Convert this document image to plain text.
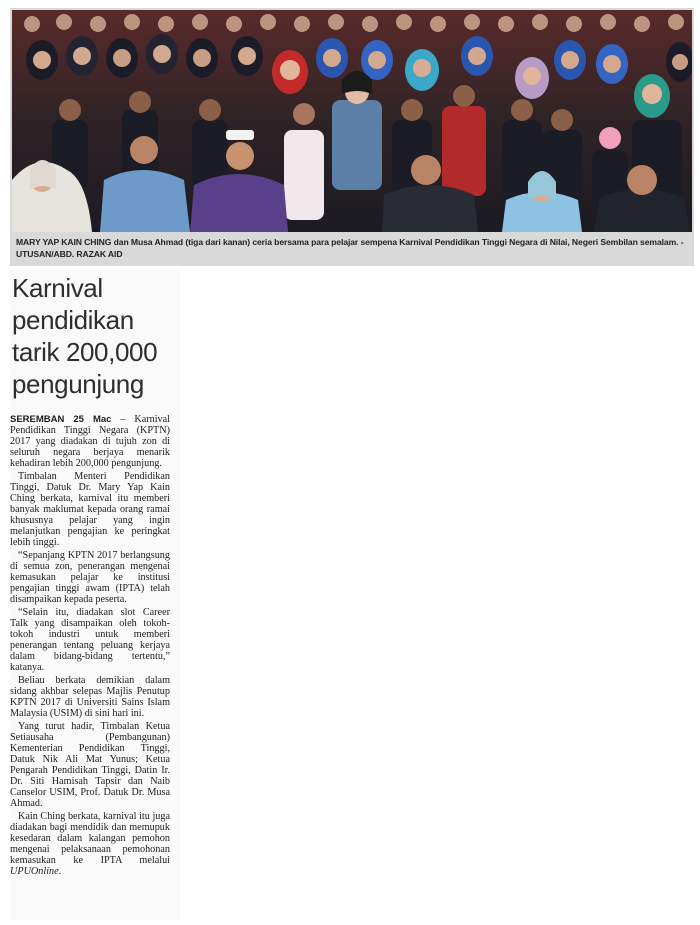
MARY YAP KAIN CHING dan Musa Ahmad (tiga dari kanan) ceria bersama para pelajar sempena Karnival Pendidikan Tinggi Negara di Nilai, Negeri Sembilan semalam. - UTUSAN/ABD. RAZAK AID
Karnival pendidikan tarik 200,000 pengunjung

SEREMBAN 25 Mac – Karnival Pendidikan Tinggi Negara (KPTN) 2017 yang diadakan di tujuh zon di seluruh negara berjaya menarik kehadiran lebih 200,000 pengunjung.

Timbalan Menteri Pendidikan Tinggi, Datuk Dr. Mary Yap Kain Ching berkata, karnival itu memberi banyak maklumat kepada orang ramai khususnya pelajar yang ingin melanjutkan pengajian ke peringkat lebih tinggi.

“Sepanjang KPTN 2017 berlangsung di semua zon, penerangan mengenai kemasukan pelajar ke institusi pengajian tinggi awam (IPTA) telah disampaikan kepada peserta.

“Selain itu, diadakan slot Career Talk yang disampaikan oleh tokoh-tokoh industri untuk memberi penerangan tentang peluang kerjaya dalam bidang-bidang tertentu,” katanya.

Beliau berkata demikian dalam sidang akhbar selepas Majlis Penutup KPTN 2017 di Universiti Sains Islam Malaysia (USIM) di sini hari ini.

Yang turut hadir, Timbalan Ketua Setiausaha (Pembangunan) Kementerian Pendidikan Tinggi, Datuk Nik Ali Mat Yunus; Ketua Pengarah Pendidikan Tinggi, Datin Ir. Dr. Siti Hamisah Tapsir dan Naib Canselor USIM, Prof. Datuk Dr. Musa Ahmad.

Kain Ching berkata, karnival itu juga diadakan bagi mendidik dan memupuk kesedaran dalam kalangan pemohon mengenai pelaksanaan pemohonan kemasukan ke IPTA melalui UPUOnline.
